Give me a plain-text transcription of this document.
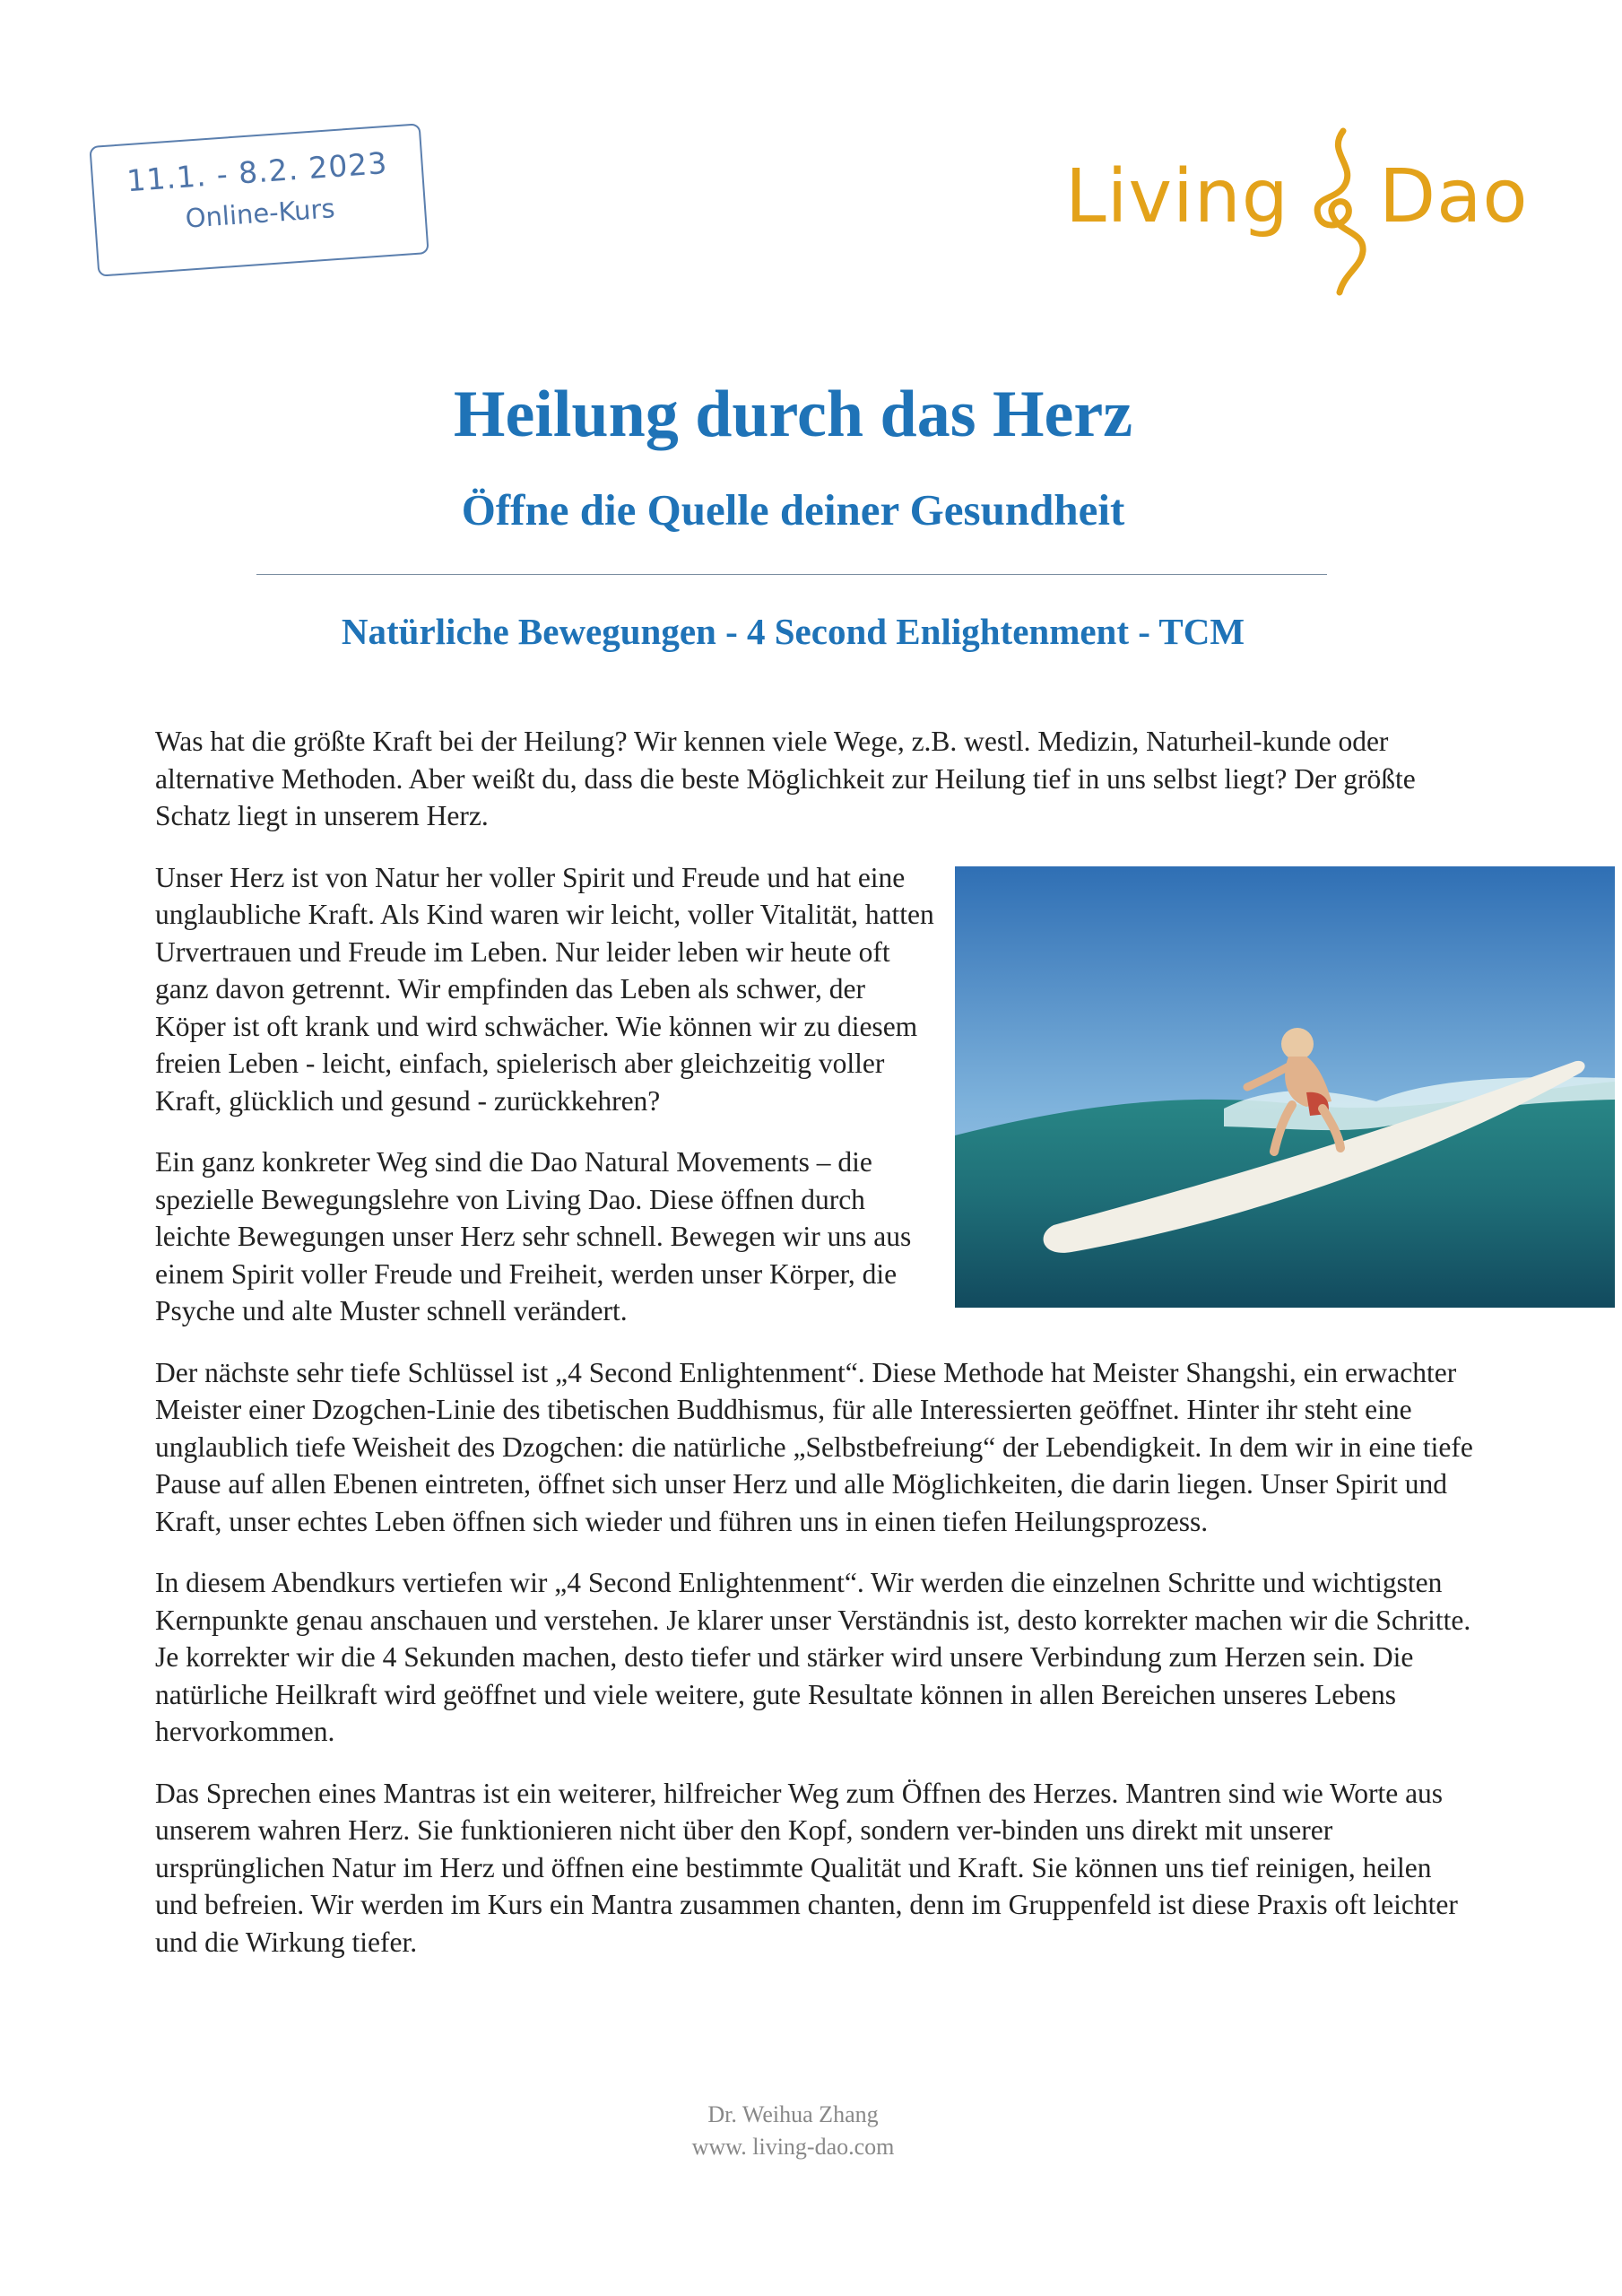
11.1. - 8.2. 2023
Online-Kurs	Living Dao
Heilung durch das Herz
Öffne die Quelle deiner Gesundheit
Natürliche Bewegungen - 4 Second Enlightenment - TCM

Was hat die größte Kraft bei der Heilung? Wir kennen viele Wege, z.B. westl. Medizin, Naturheil-kunde oder alternative Methoden. Aber weißt du, dass die beste Möglichkeit zur Heilung tief in uns selbst liegt? Der größte Schatz liegt in unserem Herz.

Unser Herz ist von Natur her voller Spirit und Freude und hat eine unglaubliche Kraft. Als Kind waren wir leicht, voller Vitalität, hatten Urvertrauen und Freude im Leben. Nur leider leben wir heute oft ganz davon getrennt. Wir empfinden das Leben als schwer, der Köper ist oft krank und wird schwächer. Wie können wir zu diesem freien Leben - leicht, einfach, spielerisch aber gleichzeitig voller Kraft, glücklich und gesund - zurückkehren?

Ein ganz konkreter Weg sind die Dao Natural Movements – die spezielle Bewegungslehre von Living Dao. Diese öffnen durch leichte Bewegungen unser Herz sehr schnell. Bewegen wir uns aus einem Spirit voller Freude und Freiheit, werden unser Körper, die Psyche und alte Muster schnell verändert.

Der nächste sehr tiefe Schlüssel ist „4 Second Enlightenment“. Diese Methode hat Meister Shangshi, ein erwachter Meister einer Dzogchen-Linie des tibetischen Buddhismus, für alle Interessierten geöffnet. Hinter ihr steht eine unglaublich tiefe Weisheit des Dzogchen: die natürliche „Selbstbefreiung“ der Lebendigkeit. In dem wir in eine tiefe Pause auf allen Ebenen eintreten, öffnet sich unser Herz und alle Möglichkeiten, die darin liegen. Unser Spirit und Kraft, unser echtes Leben öffnen sich wieder und führen uns in einen tiefen Heilungsprozess.

In diesem Abendkurs vertiefen wir „4 Second Enlightenment“. Wir werden die einzelnen Schritte und wichtigsten Kernpunkte genau anschauen und verstehen. Je klarer unser Verständnis ist, desto korrekter machen wir die Schritte. Je korrekter wir die 4 Sekunden machen, desto tiefer und stärker wird unsere Verbindung zum Herzen sein. Die natürliche Heilkraft wird geöffnet und viele weitere, gute Resultate können in allen Bereichen unseres Lebens hervorkommen.

Das Sprechen eines Mantras ist ein weiterer, hilfreicher Weg zum Öffnen des Herzes. Mantren sind wie Worte aus unserem wahren Herz. Sie funktionieren nicht über den Kopf, sondern ver-binden uns direkt mit unserer ursprünglichen Natur im Herz und öffnen eine bestimmte Qualität und Kraft. Sie können uns tief reinigen, heilen und befreien. Wir werden im Kurs ein Mantra zusammen chanten, denn im Gruppenfeld ist diese Praxis oft leichter und die Wirkung tiefer.

Dr. Weihua Zhang
www. living-dao.com
